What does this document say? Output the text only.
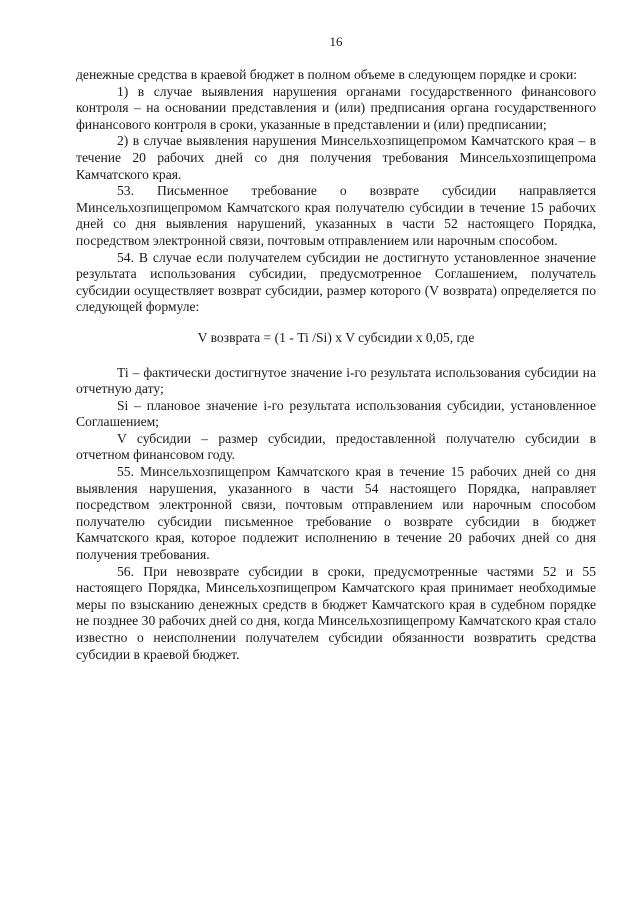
16

денежные средства в краевой бюджет в полном объеме в следующем порядке и сроки:

1) в случае выявления нарушения органами государственного финансового контроля – на основании представления и (или) предписания органа государственного финансового контроля в сроки, указанные в представлении и (или) предписании;

2) в случае выявления нарушения Минсельхозпищепромом Камчатского края – в течение 20 рабочих дней со дня получения требования Минсельхозпищепрома Камчатского края.

53. Письменное требование о возврате субсидии направляется Минсельхозпищепромом Камчатского края получателю субсидии в течение 15 рабочих дней со дня выявления нарушений, указанных в части 52 настоящего Порядка, посредством электронной связи, почтовым отправлением или нарочным способом.

54. В случае если получателем субсидии не достигнуто установленное значение результата использования субсидии, предусмотренное Соглашением, получатель субсидии осуществляет возврат субсидии, размер которого (V возврата) определяется по следующей формуле:

V возврата = (1 - Ti /Si) x V субсидии x 0,05, где

Ti – фактически достигнутое значение i-го результата использования субсидии на отчетную дату;

Si – плановое значение i-го результата использования субсидии, установленное Соглашением;

V субсидии – размер субсидии, предоставленной получателю субсидии в отчетном финансовом году.

55. Минсельхозпищепром Камчатского края в течение 15 рабочих дней со дня выявления нарушения, указанного в части 54 настоящего Порядка, направляет посредством электронной связи, почтовым отправлением или нарочным способом получателю субсидии письменное требование о возврате субсидии в бюджет Камчатского края, которое подлежит исполнению в течение 20 рабочих дней со дня получения требования.

56. При невозврате субсидии в сроки, предусмотренные частями 52 и 55 настоящего Порядка, Минсельхозпищепром Камчатского края принимает необходимые меры по взысканию денежных средств в бюджет Камчатского края в судебном порядке не позднее 30 рабочих дней со дня, когда Минсельхозпищепрому Камчатского края стало известно о неисполнении получателем субсидии обязанности возвратить средства субсидии в краевой бюджет.
